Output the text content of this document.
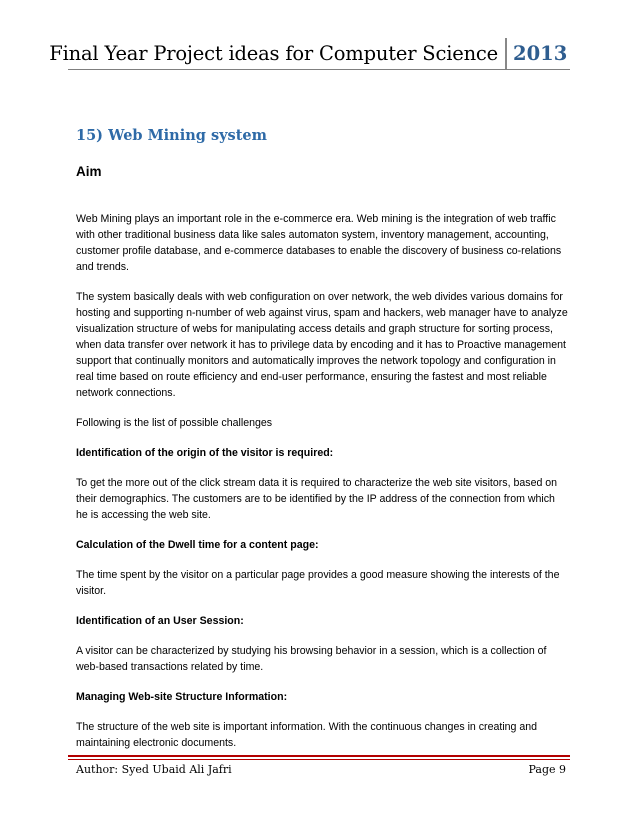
Final Year Project ideas for Computer Science 2013
15) Web Mining system
Aim

Web Mining plays an important role in the e-commerce era. Web mining is the integration of web traffic with other traditional business data like sales automaton system, inventory management, accounting, customer profile database, and e-commerce databases to enable the discovery of business co-relations and trends.

The system basically deals with web configuration on over network, the web divides various domains for hosting and supporting n-number of web against virus, spam and hackers, web manager have to analyze visualization structure of webs for manipulating access details and graph structure for sorting process, when data transfer over network it has to privilege data by encoding and it has to Proactive management support that continually monitors and automatically improves the network topology and configuration in real time based on route efficiency and end-user performance, ensuring the fastest and most reliable network connections.

Following is the list of possible challenges

Identification of the origin of the visitor is required:

To get the more out of the click stream data it is required to characterize the web site visitors, based on their demographics. The customers are to be identified by the IP address of the connection from which he is accessing the web site.

Calculation of the Dwell time for a content page:

The time spent by the visitor on a particular page provides a good measure showing the interests of the visitor.

Identification of an User Session:

A visitor can be characterized by studying his browsing behavior in a session, which is a collection of web-based transactions related by time.

Managing Web-site Structure Information:

The structure of the web site is important information. With the continuous changes in creating and maintaining electronic documents.

Author: Syed Ubaid Ali Jafri	Page 9
